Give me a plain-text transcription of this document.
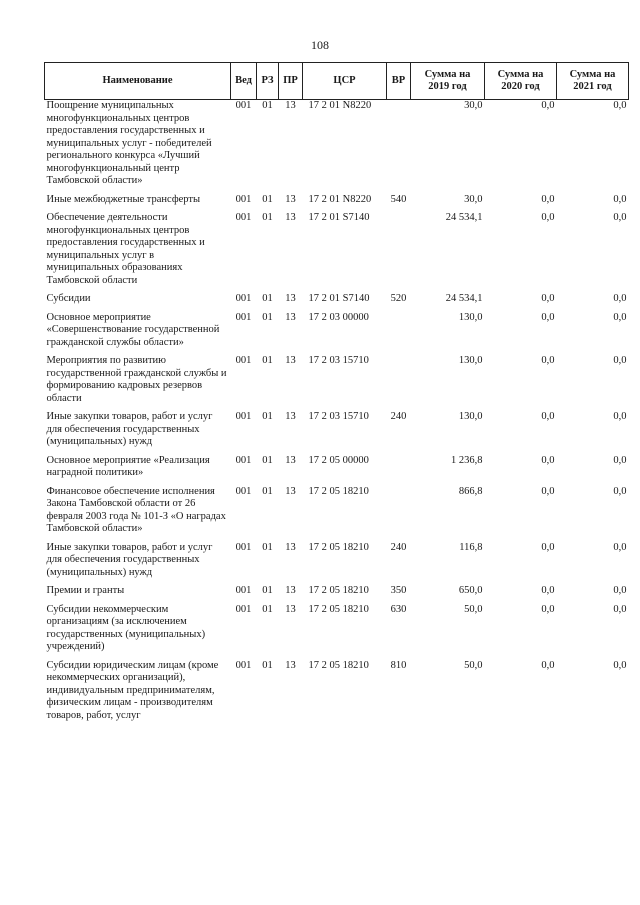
108
Наименование	Вед	РЗ	ПР	ЦСР	ВР	Сумма на 2019 год	Сумма на 2020 год	Сумма на 2021 год
Поощрение муниципальных многофункциональных центров предоставления государственных и муниципальных услуг - победителей регионального конкурса «Лучший многофункциональный центр Тамбовской области»	001	01	13	17 2 01 N8220		30,0	0,0	0,0
Иные межбюджетные трансферты	001	01	13	17 2 01 N8220	540	30,0	0,0	0,0
Обеспечение деятельности многофункциональных центров предоставления государственных и муниципальных услуг в муниципальных образованиях Тамбовской области	001	01	13	17 2 01 S7140		24 534,1	0,0	0,0
Субсидии	001	01	13	17 2 01 S7140	520	24 534,1	0,0	0,0
Основное мероприятие «Совершенствование государственной гражданской службы области»	001	01	13	17 2 03 00000		130,0	0,0	0,0
Мероприятия по развитию государственной гражданской службы и формированию кадровых резервов области	001	01	13	17 2 03 15710		130,0	0,0	0,0
Иные закупки товаров, работ и услуг для обеспечения государственных (муниципальных) нужд	001	01	13	17 2 03 15710	240	130,0	0,0	0,0
Основное мероприятие «Реализация наградной политики»	001	01	13	17 2 05 00000		1 236,8	0,0	0,0
Финансовое обеспечение исполнения Закона Тамбовской области от 26 февраля 2003 года № 101-З «О наградах Тамбовской области»	001	01	13	17 2 05 18210		866,8	0,0	0,0
Иные закупки товаров, работ и услуг для обеспечения государственных (муниципальных) нужд	001	01	13	17 2 05 18210	240	116,8	0,0	0,0
Премии и гранты	001	01	13	17 2 05 18210	350	650,0	0,0	0,0
Субсидии некоммерческим организациям (за исключением государственных (муниципальных) учреждений)	001	01	13	17 2 05 18210	630	50,0	0,0	0,0
Субсидии юридическим лицам (кроме некоммерческих организаций), индивидуальным предпринимателям, физическим лицам - производителям товаров, работ, услуг	001	01	13	17 2 05 18210	810	50,0	0,0	0,0
